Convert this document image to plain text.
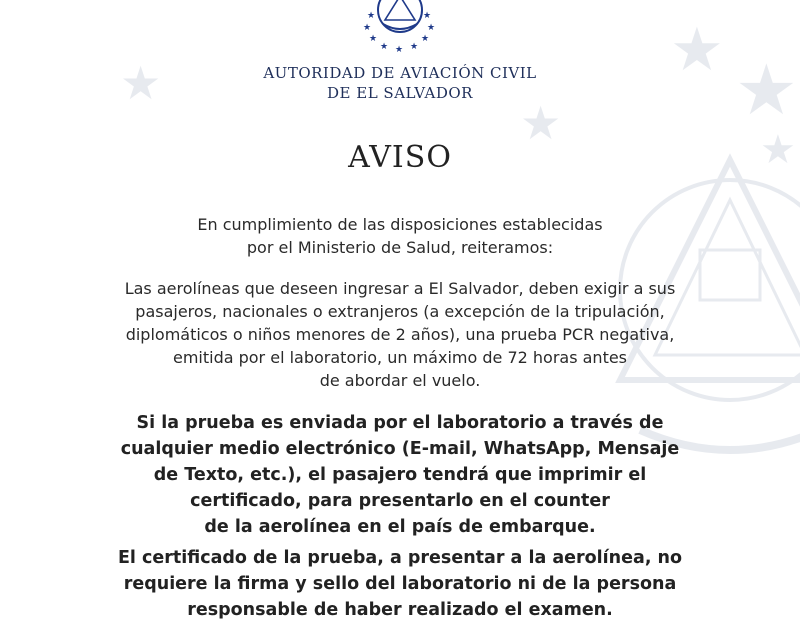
★
★
★ ★
★
★
★
★
★ ★ ★
★
★
★
AUTORIDAD DE AVIACIÓN CIVIL
DE EL SALVADOR
AVISO
En cumplimiento de las disposiciones establecidas
por el Ministerio de Salud, reiteramos:
Las aerolíneas que deseen ingresar a El Salvador, deben exigir a sus
pasajeros, nacionales o extranjeros (a excepción de la tripulación,
diplomáticos o niños menores de 2 años), una prueba PCR negativa,
emitida por el laboratorio, un máximo de 72 horas antes
de abordar el vuelo.
Si la prueba es enviada por el laboratorio a través de
cualquier medio electrónico (E-mail, WhatsApp, Mensaje
de Texto, etc.), el pasajero tendrá que imprimir el
certificado, para presentarlo en el counter
de la aerolínea en el país de embarque.
El certificado de la prueba, a presentar a la aerolínea, no
requiere la firma y sello del laboratorio ni de la persona
responsable de haber realizado el examen.
